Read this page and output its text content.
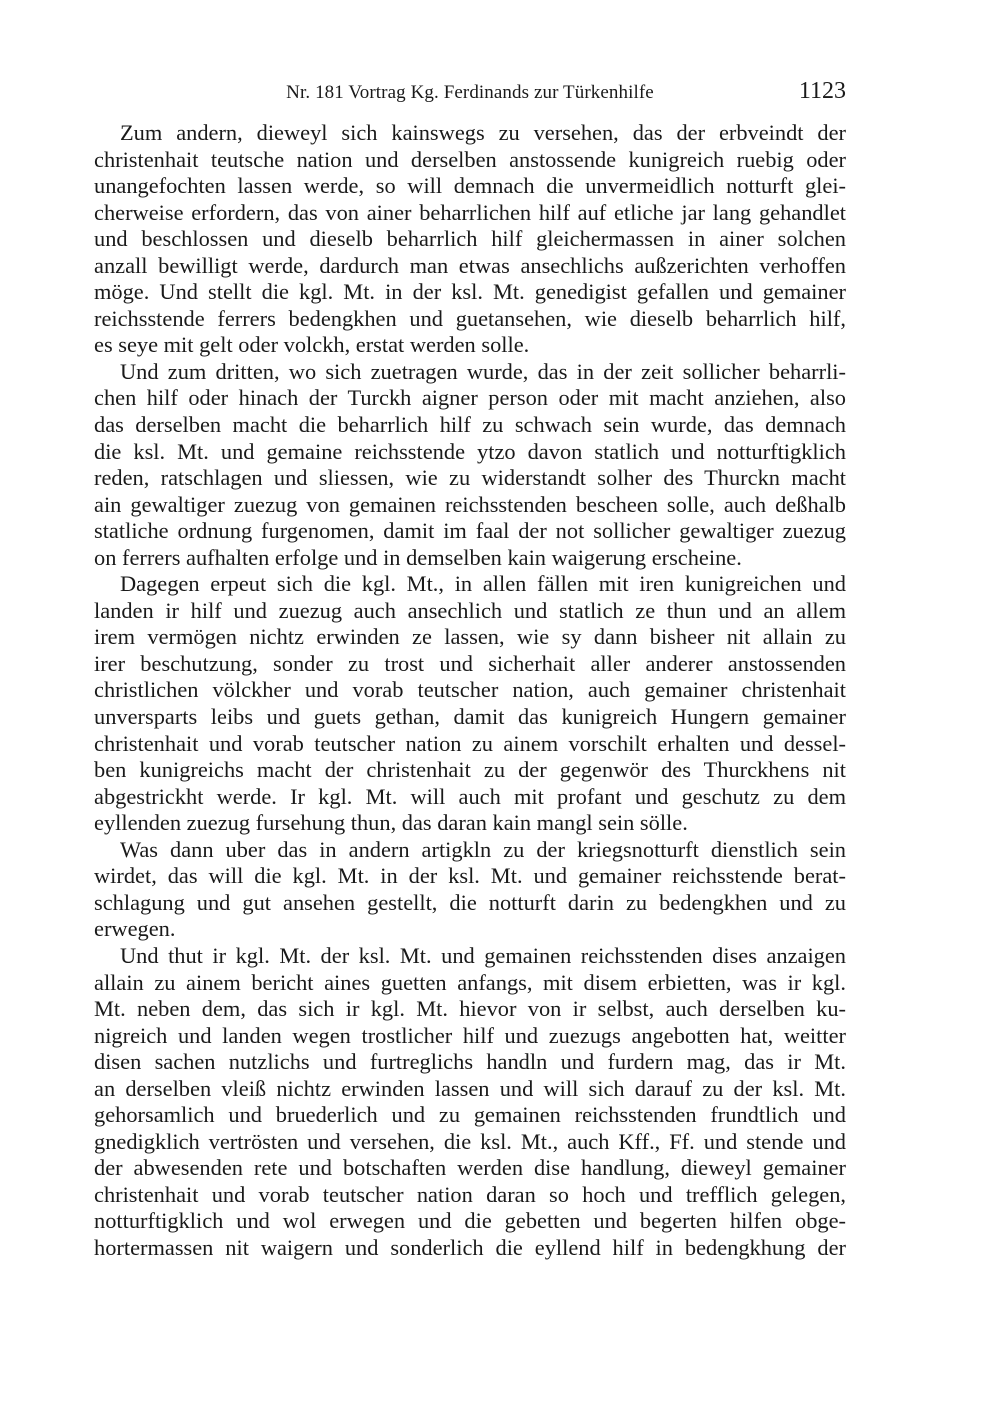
Nr. 181 Vortrag Kg. Ferdinands zur Türkenhilfe	1123
Zum andern, dieweyl sich kainswegs zu versehen, das der erbveindt der
christenhait teutsche nation und derselben anstossende kunigreich ruebig oder
unangefochten lassen werde, so will demnach die unvermeidlich notturft glei-
cherweise erfordern, das von ainer beharrlichen hilf auf etliche jar lang gehandlet
und beschlossen und dieselb beharrlich hilf gleichermassen in ainer solchen
anzall bewilligt werde, dardurch man etwas ansechlichs außzerichten verhoffen
möge. Und stellt die kgl. Mt. in der ksl. Mt. genedigist gefallen und gemainer
reichsstende ferrers bedengkhen und guetansehen, wie dieselb beharrlich hilf,
es seye mit gelt oder volckh, erstat werden solle.
Und zum dritten, wo sich zuetragen wurde, das in der zeit sollicher beharrli-
chen hilf oder hinach der Turckh aigner person oder mit macht anziehen, also
das derselben macht die beharrlich hilf zu schwach sein wurde, das demnach
die ksl. Mt. und gemaine reichsstende ytzo davon statlich und notturftigklich
reden, ratschlagen und sliessen, wie zu widerstandt solher des Thurckn macht
ain gewaltiger zuezug von gemainen reichsstenden bescheen solle, auch deßhalb
statliche ordnung furgenomen, damit im faal der not sollicher gewaltiger zuezug
on ferrers aufhalten erfolge und in demselben kain waigerung erscheine.
Dagegen erpeut sich die kgl. Mt., in allen fällen mit iren kunigreichen und
landen ir hilf und zuezug auch ansechlich und statlich ze thun und an allem
irem vermögen nichtz erwinden ze lassen, wie sy dann bisheer nit allain zu
irer beschutzung, sonder zu trost und sicherhait aller anderer anstossenden
christlichen völckher und vorab teutscher nation, auch gemainer christenhait
unversparts leibs und guets gethan, damit das kunigreich Hungern gemainer
christenhait und vorab teutscher nation zu ainem vorschilt erhalten und dessel-
ben kunigreichs macht der christenhait zu der gegenwör des Thurckhens nit
abgestrickht werde. Ir kgl. Mt. will auch mit profant und geschutz zu dem
eyllenden zuezug fursehung thun, das daran kain mangl sein sölle.
Was dann uber das in andern artigkln zu der kriegsnotturft dienstlich sein
wirdet, das will die kgl. Mt. in der ksl. Mt. und gemainer reichsstende berat-
schlagung und gut ansehen gestellt, die notturft darin zu bedengkhen und zu
erwegen.
Und thut ir kgl. Mt. der ksl. Mt. und gemainen reichsstenden dises anzaigen
allain zu ainem bericht aines guetten anfangs, mit disem erbietten, was ir kgl.
Mt. neben dem, das sich ir kgl. Mt. hievor von ir selbst, auch derselben ku-
nigreich und landen wegen trostlicher hilf und zuezugs angebotten hat, weitter
disen sachen nutzlichs und furtreglichs handln und furdern mag, das ir Mt.
an derselben vleiß nichtz erwinden lassen und will sich darauf zu der ksl. Mt.
gehorsamlich und bruederlich und zu gemainen reichsstenden frundtlich und
gnedigklich vertrösten und versehen, die ksl. Mt., auch Kff., Ff. und stende und
der abwesenden rete und botschaften werden dise handlung, dieweyl gemainer
christenhait und vorab teutscher nation daran so hoch und trefflich gelegen,
notturftigklich und wol erwegen und die gebetten und begerten hilfen obge-
hortermassen nit waigern und sonderlich die eyllend hilf in bedengkhung der
